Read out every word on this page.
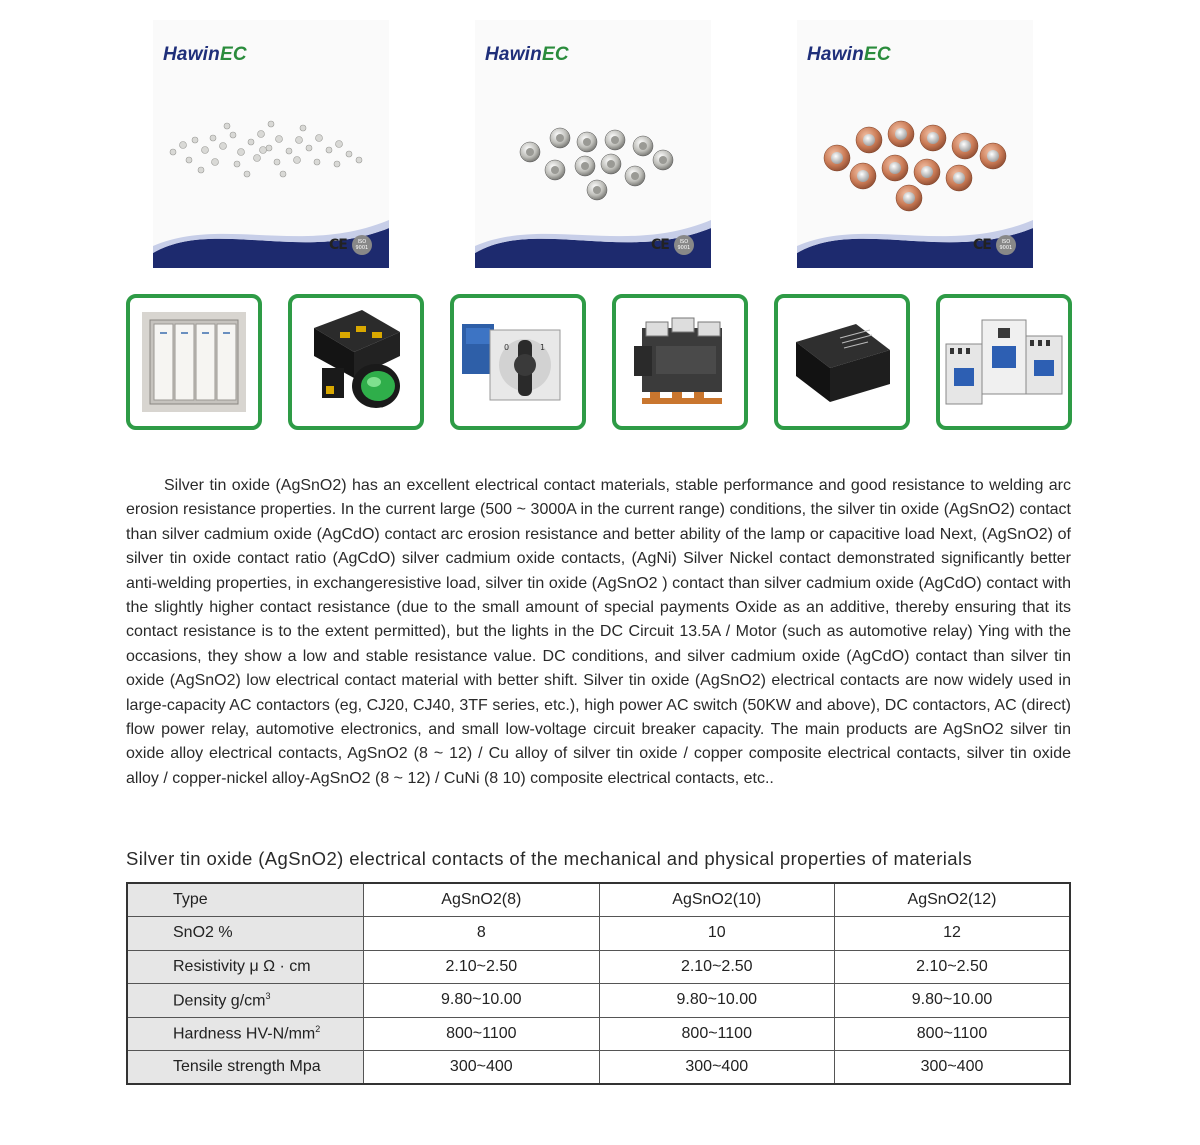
HawinEC
CE	ISO 9001
HawinEC
CE	ISO 9001
HawinEC
CE	ISO 9001
1
0

Silver tin oxide (AgSnO2) has an excellent electrical contact materials, stable performance and good resistance to welding arc erosion resistance properties. In the current large (500 ~ 3000A in the current range) conditions, the silver tin oxide (AgSnO2) contact than silver cadmium oxide (AgCdO) contact arc erosion resistance and better ability of the lamp or capacitive load Next, (AgSnO2) of silver tin oxide contact ratio (AgCdO) silver cadmium oxide contacts, (AgNi) Silver Nickel contact demonstrated significantly better anti-welding properties, in exchangeresistive load, silver tin oxide (AgSnO2 ) contact than silver cadmium oxide (AgCdO) contact with the slightly higher contact resistance (due to the small amount of special payments Oxide as an additive, thereby ensuring that its contact resistance is to the extent permitted), but the lights in the DC Circuit 13.5A / Motor (such as automotive relay) Ying with the occasions, they show a low and stable resistance value. DC conditions, and silver cadmium oxide (AgCdO) contact than silver tin oxide (AgSnO2) low electrical contact material with better shift. Silver tin oxide (AgSnO2) electrical contacts are now widely used in large-capacity AC contactors (eg, CJ20, CJ40, 3TF series, etc.), high power AC switch (50KW and above), DC contactors, AC (direct) flow power relay, automotive electronics, and small low-voltage circuit breaker capacity. The main products are AgSnO2 silver tin oxide alloy electrical contacts, AgSnO2 (8 ~ 12) / Cu alloy of silver tin oxide / copper composite electrical contacts, silver tin oxide alloy / copper-nickel alloy-AgSnO2 (8 ~ 12) / CuNi (8 10) composite electrical contacts, etc..

Silver tin oxide (AgSnO2) electrical contacts of the mechanical and physical properties of materials
Type	AgSnO2(8)	AgSnO2(10)	AgSnO2(12)
SnO2 %	8	10	12
Resistivity μ Ω · cm	2.10~2.50	2.10~2.50	2.10~2.50
Density $g/cm^3$	9.80~10.00	9.80~10.00	9.80~10.00
Hardness $HV-N/mm^2$	800~1100	800~1100	800~1100
Tensile strength Mpa	300~400	300~400	300~400
